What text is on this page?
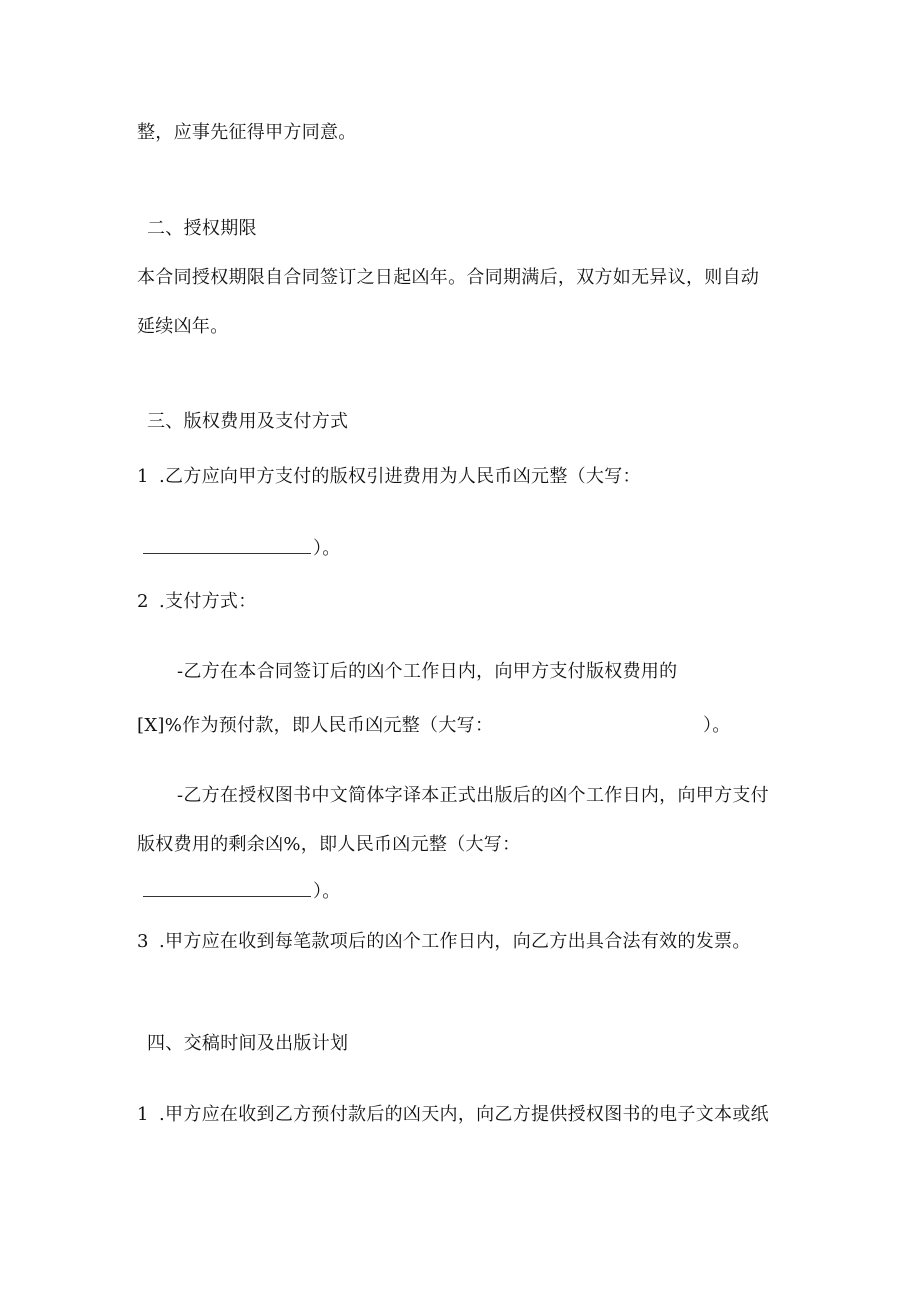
整，应事先征得甲方同意。

二、授权期限

本合同授权期限自合同签订之日起凶年。合同期满后，双方如无异议，则自动

延续凶年。

三、版权费用及支付方式

1 .乙方应向甲方支付的版权引进费用为人民币凶元整（大写：

）。

2 .支付方式：

-乙方在本合同签订后的凶个工作日内，向甲方支付版权费用的

[X]%作为预付款，即人民币凶元整（大写：	）。

-乙方在授权图书中文简体字译本正式出版后的凶个工作日内，向甲方支付

版权费用的剩余凶%，即人民币凶元整（大写：

）。

3 .甲方应在收到每笔款项后的凶个工作日内，向乙方出具合法有效的发票。

四、交稿时间及出版计划

1 .甲方应在收到乙方预付款后的凶天内，向乙方提供授权图书的电子文本或纸
